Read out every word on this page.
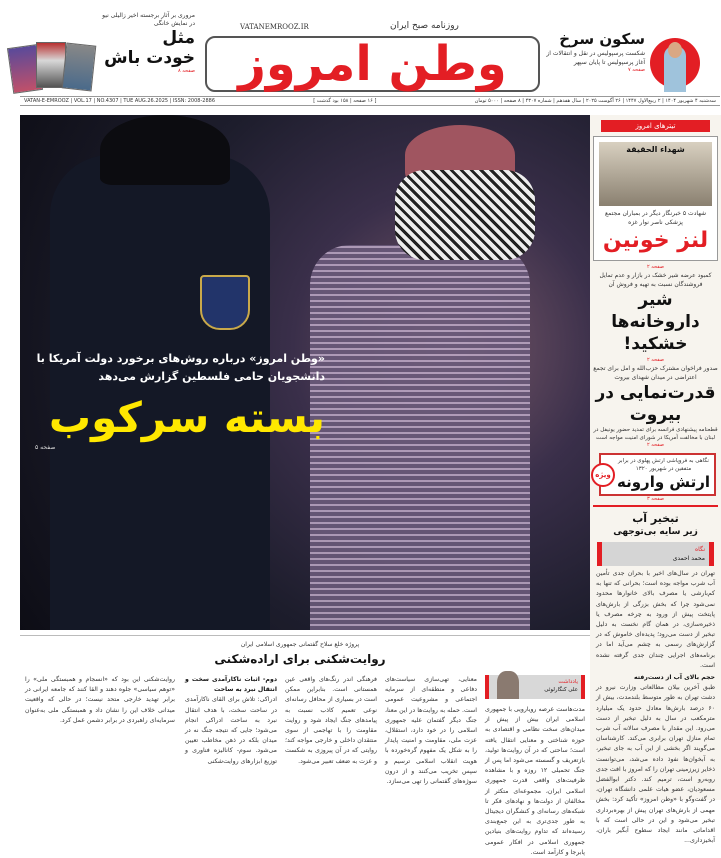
وطن امروز
روزنامه صبح ایران
VATANEMROOZ.IR
سه‌شنبه ۴ شهریور ۱۴۰۴ | ۲ ربیع‌الاول ۱۴۴۷ | ۲۶ آگوست ۲۰۲۵ | سال هفدهم | شماره ۴۳۰۷ | ۸ صفحه | ۵۰۰۰ تومان
[ ۱۶ صفحه | ۱۵۸ بود گذشت ]
VATAN-E-EMROOZ | VOL.17 | NO.4307 | TUE AUG.26.2025 | ISSN: 2008-2886
مروری بر آثار برجسته اخیر زالیلی نیو در نمایش خانگی
مثل
خودت باش
صفحه ۸
سکون سرخ
شکست پرسپولیس در نقل و انتقالات از آغاز پرسپولیس تا پایان سپهر
صفحه ۷
«وطن امروز» درباره روش‌های برخورد دولت آمریکا با دانشجویان حامی فلسطین گزارش می‌دهد
بسته سرکوب
صفحه ۵
تیترهای امروز
شهداء الحقيقة
شهادت ۵ خبرنگار دیگر در بمباران مجتمع پزشکی ناصر نوار غزه
لنز خونین
صفحه ۲
کمبود عرضه شیر خشک در بازار و عدم تمایل فروشندگان نسبت به تهیه و فروش آن
شیر داروخانه‌ها خشکید!
صفحه ۲
صدور فراخوان مشترک حزب‌الله و امل برای تجمع اعتراضی در میدان شهدای بیروت
قدرت‌نمایی در بیروت
قطعنامه پیشنهادی فرانسه برای تمدید حضور یونیفل در لبنان با مخالفت آمریکا در شورای امنیت مواجه است
صفحه ۲
نگاهی به فروپاشی ارتش پهلوی در برابر متفقین در شهریور ۱۳۲۰
ارتش وارونه
ویژه
صفحه ۳
تبخیر آب
زیر سایه بی‌توجهی
نگاه
محمد احمدی
تهران در سال‌های اخیر با بحران جدی تأمین آب شرب مواجه بوده است؛ بحرانی که تنها به کم‌بارشی یا مصرف بالای خانوارها محدود نمی‌شود چرا که بخش بزرگی از بارش‌های پایتخت پیش از ورود به چرخه مصرف یا ذخیره‌سازی، در همان گام نخست به دلیل تبخیر از دست می‌رود؛ پدیده‌ای خاموش که در گزارش‌های رسمی به چشم می‌آید اما در برنامه‌های اجرایی چندان جدی گرفته نشده است.
حجم بالای آب از دست‌رفته
طبق آخرین بیلان مطالعاتی وزارت نیرو در دشت تهران به طور متوسط بلندمدت، بیش از ۶۰ درصد بارش‌ها معادل حدود یک میلیارد مترمکعب در سال به دلیل تبخیر از دست می‌رود. این مقدار با مصرف سالانه آب شرب تمام منازل تهران برابری می‌کند. کارشناسان می‌گویند اگر بخشی از این آب به جای تبخیر، به آبخوان‌ها نفوذ داده می‌شد، می‌توانست ذخایر زیرزمینی تهران را که امروز با افت جدی روبه‌رو است، ترمیم کند. دکتر ابوالفضل مسعودیان، عضو هیات علمی دانشگاه تهران، در گفت‌وگو با «وطن امروز» تأکید کرد: بخش مهمی از بارش‌های تهران پیش از بهره‌برداری تبخیر می‌شود و این در حالی است که با اقداماتی مانند ایجاد سطوح آبگیر باران، آبخیزداری...
پروژه خلع سلاح گفتمانی جمهوری اسلامی ایران
روایت‌شکنی برای اراده‌شکنی
یادداشت
علی کنگارلوئی
مدت‌هاست عرصه رویارویی با جمهوری اسلامی ایران بیش از پیش از میدان‌های سخت نظامی و اقتصادی به حوزه شناختی و معنایی انتقال یافته است؛ ساحتی که در آن روایت‌ها تولید، بازتعریف و گسسته می‌شود اما پس از جنگ تحمیلی ۱۲ روزه و با مشاهده ظرفیت‌های واقعی قدرت جمهوری اسلامی ایران، مجموعه‌ای متکثر از مخالفان از دولت‌ها و نهادهای فکر تا شبکه‌های رسانه‌ای و کنشگران دیجیتال به طور جدی‌تری به این جمع‌بندی رسیده‌اند که تداوم روایت‌های بنیادین جمهوری اسلامی در افکار عمومی پابرجا و کارآمد است.
معنایی، تهی‌سازی سیاست‌های دفاعی و منطقه‌ای از سرمایه اجتماعی و مشروعیت عمومی است. حمله به روایت‌ها در این معنا، جنگ دیگر گفتمان علیه جمهوری اسلامی را در خود دارد، استقلال، عزت ملی، مقاومت و امنیت پایدار را به شکل یک مفهوم گره‌خورده با هویت انقلاب اسلامی ترسیم و سپس تخریب می‌کنند و از درون سوژه‌های گفتمانی را تهی می‌سازد.
فرهنگی اندر رنگ‌های واقعی عین همستانی است. بنابراین ممکن است در بسیاری از محافل رسانه‌ای نوعی تعمیم کاذب نسبت به پیامدهای جنگ ایجاد شود و روایت مقاومت را با تهاجمی از سوی منتقدان داخلی و خارجی مواجه کند؛ روایتی که در آن پیروزی به شکست و عزت به ضعف تعبیر می‌شود.
دوم- اثبات ناکارآمدی سخت و انتقال نبرد به ساحت
ادراکی: تلاش برای القای ناکارآمدی در ساحت سخت، با هدف انتقال نبرد به ساحت ادراکی انجام می‌شود؛ جایی که نتیجه جنگ نه در میدان بلکه در ذهن مخاطب تعیین می‌شود. سوم- کانالیزه فناوری و توزیع ابزارهای روایت‌شکنی
روایت‌شکنی این بود که «انسجام و همبستگی ملی» را «توهم سیاسی» جلوه دهند و القا کنند که جامعه ایرانی در برابر تهدید خارجی متحد نیست؛ در حالی که واقعیت میدانی خلاف این را نشان داد و همبستگی ملی به‌عنوان سرمایه‌ای راهبردی در برابر دشمن عمل کرد.
